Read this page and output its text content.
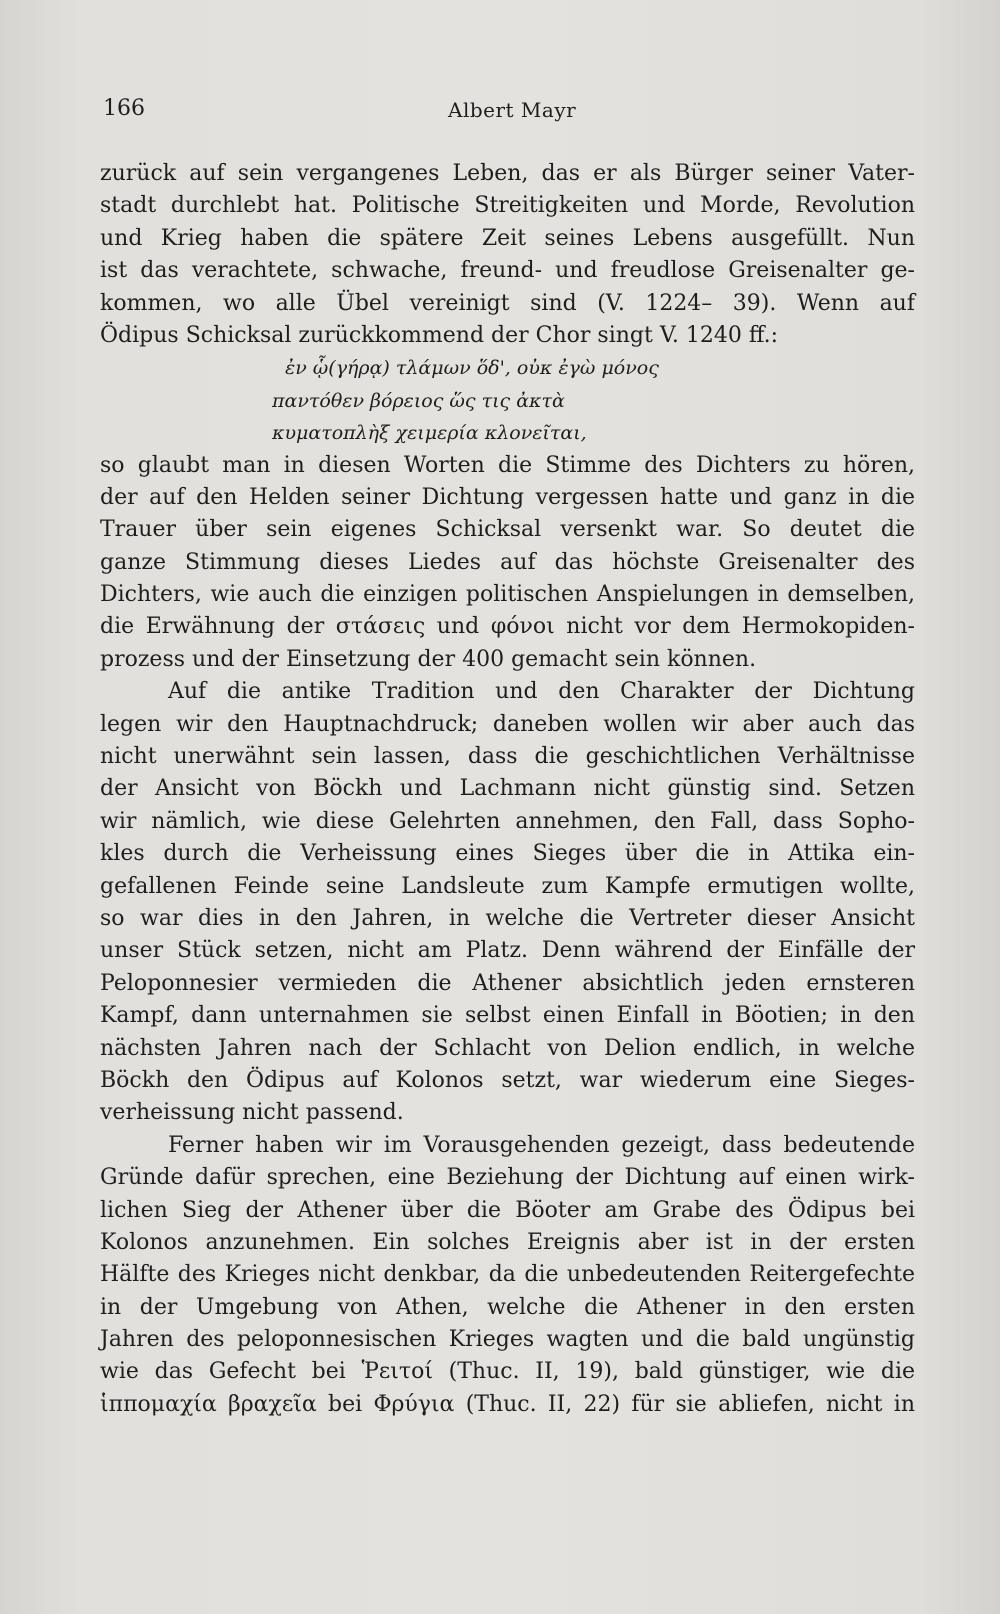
166	Albert Mayr
zurück auf sein vergangenes Leben, das er als Bürger seiner Vater-
stadt durchlebt hat. Politische Streitigkeiten und Morde, Revolution
und Krieg haben die spätere Zeit seines Lebens ausgefüllt. Nun
ist das verachtete, schwache, freund- und freudlose Greisenalter ge-
kommen, wo alle Übel vereinigt sind (V. 1224– 39). Wenn auf
Ödipus Schicksal zurückkommend der Chor singt V. 1240 ff.:
ἐν ᾧ(γήρᾳ) τλάμων ὅδ', οὐκ ἐγὼ μόνος
παντόθεν βόρειος ὥς τις ἀκτὰ
κυματοπλὴξ χειμερία κλονεῖται,
so glaubt man in diesen Worten die Stimme des Dichters zu hören,
der auf den Helden seiner Dichtung vergessen hatte und ganz in die
Trauer über sein eigenes Schicksal versenkt war. So deutet die
ganze Stimmung dieses Liedes auf das höchste Greisenalter des
Dichters, wie auch die einzigen politischen Anspielungen in demselben,
die Erwähnung der στάσεις und φόνοι nicht vor dem Hermokopiden-
prozess und der Einsetzung der 400 gemacht sein können.
Auf die antike Tradition und den Charakter der Dichtung
legen wir den Hauptnachdruck; daneben wollen wir aber auch das
nicht unerwähnt sein lassen, dass die geschichtlichen Verhältnisse
der Ansicht von Böckh und Lachmann nicht günstig sind. Setzen
wir nämlich, wie diese Gelehrten annehmen, den Fall, dass Sopho-
kles durch die Verheissung eines Sieges über die in Attika ein-
gefallenen Feinde seine Landsleute zum Kampfe ermutigen wollte,
so war dies in den Jahren, in welche die Vertreter dieser Ansicht
unser Stück setzen, nicht am Platz. Denn während der Einfälle der
Peloponnesier vermieden die Athener absichtlich jeden ernsteren
Kampf, dann unternahmen sie selbst einen Einfall in Böotien; in den
nächsten Jahren nach der Schlacht von Delion endlich, in welche
Böckh den Ödipus auf Kolonos setzt, war wiederum eine Sieges-
verheissung nicht passend.
Ferner haben wir im Vorausgehenden gezeigt, dass bedeutende
Gründe dafür sprechen, eine Beziehung der Dichtung auf einen wirk-
lichen Sieg der Athener über die Böoter am Grabe des Ödipus bei
Kolonos anzunehmen. Ein solches Ereignis aber ist in der ersten
Hälfte des Krieges nicht denkbar, da die unbedeutenden Reitergefechte
in der Umgebung von Athen, welche die Athener in den ersten
Jahren des peloponnesischen Krieges wagten und die bald ungünstig
wie das Gefecht bei Ῥειτοί (Thuc. II, 19), bald günstiger, wie die
ἱππομαχία βραχεῖα bei Φρύγια (Thuc. II, 22) für sie abliefen, nicht in
